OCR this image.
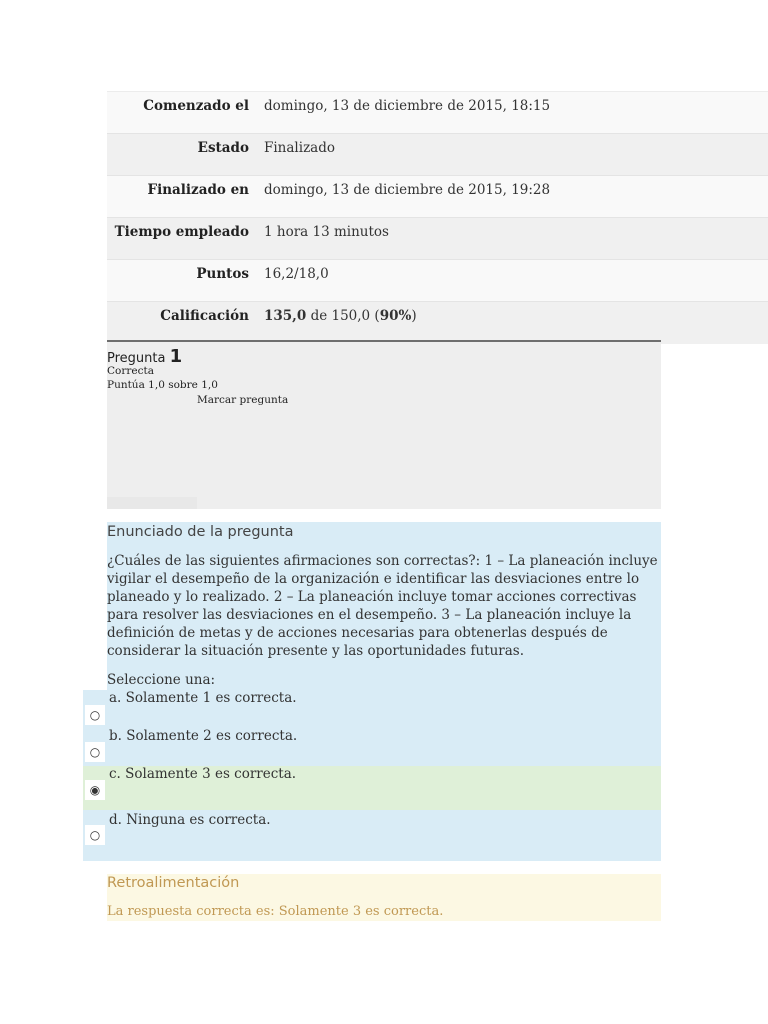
Comenzado el	domingo, 13 de diciembre de 2015, 18:15
Estado	Finalizado
Finalizado en	domingo, 13 de diciembre de 2015, 19:28
Tiempo empleado	1 hora 13 minutos
Puntos	16,2/18,0
Calificación	135,0 de 150,0 (90%)
Pregunta 1
Correcta
Puntúa 1,0 sobre 1,0
Marcar pregunta
Enunciado de la pregunta
¿Cuáles de las siguientes afirmaciones son correctas?: 1 – La planeación incluye vigilar el desempeño de la organización e identificar las desviaciones entre lo planeado y lo realizado. 2 – La planeación incluye tomar acciones correctivas para resolver las desviaciones en el desempeño. 3 – La planeación incluye la definición de metas y de acciones necesarias para obtenerlas después de considerar la situación presente y las oportunidades futuras.
Seleccione una:
○
a. Solamente 1 es correcta.
○
b. Solamente 2 es correcta.
◉
c. Solamente 3 es correcta.
○
d. Ninguna es correcta.
Retroalimentación
La respuesta correcta es: Solamente 3 es correcta.
